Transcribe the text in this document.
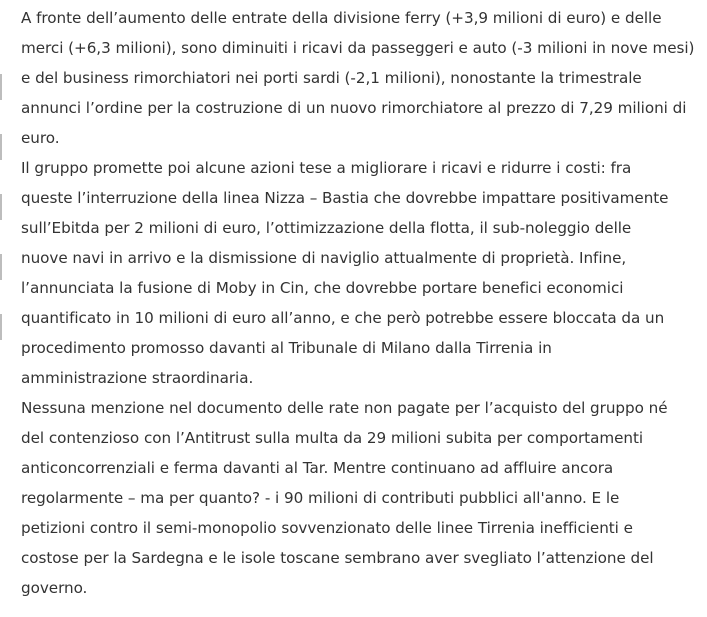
A fronte dell’aumento delle entrate della divisione ferry (+3,9 milioni di euro) e delle
merci (+6,3 milioni), sono diminuiti i ricavi da passeggeri e auto (-3 milioni in nove mesi)
e del business rimorchiatori nei porti sardi (-2,1 milioni), nonostante la trimestrale
annunci l’ordine per la costruzione di un nuovo rimorchiatore al prezzo di 7,29 milioni di
euro.

Il gruppo promette poi alcune azioni tese a migliorare i ricavi e ridurre i costi: fra
queste l’interruzione della linea Nizza – Bastia che dovrebbe impattare positivamente
sull’Ebitda per 2 milioni di euro, l’ottimizzazione della flotta, il sub-noleggio delle
nuove navi in arrivo e la dismissione di naviglio attualmente di proprietà. Infine,
l’annunciata la fusione di Moby in Cin, che dovrebbe portare benefici economici
quantificato in 10 milioni di euro all’anno, e che però potrebbe essere bloccata da un
procedimento promosso davanti al Tribunale di Milano dalla Tirrenia in
amministrazione straordinaria.

Nessuna menzione nel documento delle rate non pagate per l’acquisto del gruppo né
del contenzioso con l’Antitrust sulla multa da 29 milioni subita per comportamenti
anticoncorrenziali e ferma davanti al Tar. Mentre continuano ad affluire ancora
regolarmente – ma per quanto? - i 90 milioni di contributi pubblici all'anno. E le
petizioni contro il semi-monopolio sovvenzionato delle linee Tirrenia inefficienti e
costose per la Sardegna e le isole toscane sembrano aver svegliato l’attenzione del
governo.
